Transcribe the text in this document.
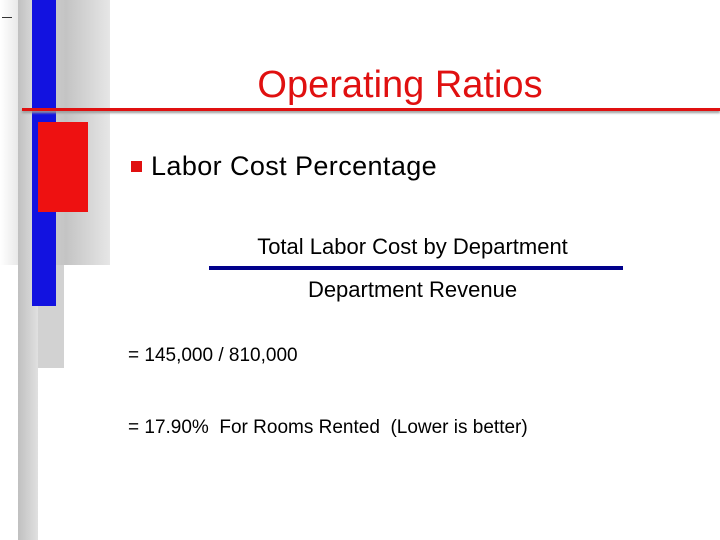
Operating Ratios
Labor Cost Percentage
Total Labor Cost by Department
Department Revenue
= 145,000 / 810,000
= 17.90%  For Rooms Rented  (Lower is better)
